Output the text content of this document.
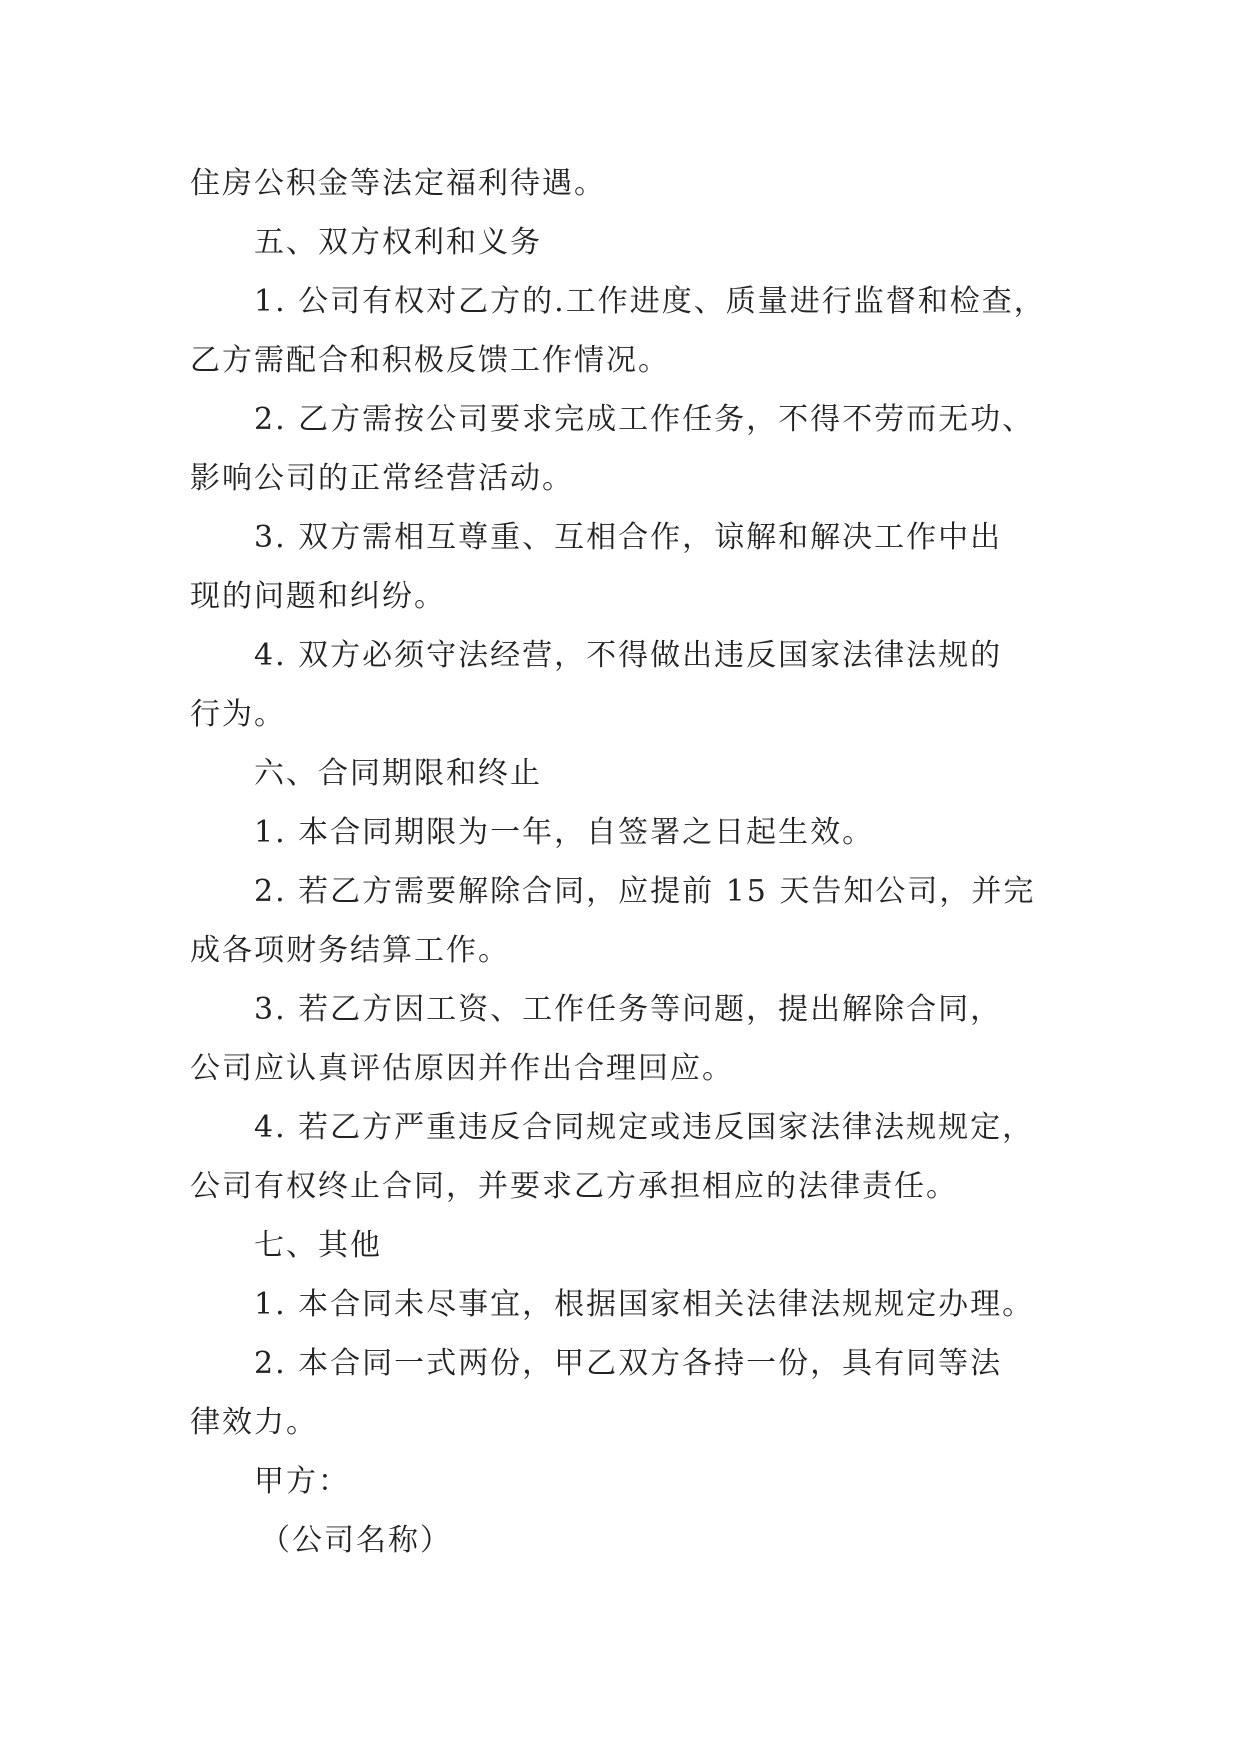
住房公积金等法定福利待遇。
五、双方权利和义务
1. 公司有权对乙方的.工作进度、质量进行监督和检查，
乙方需配合和积极反馈工作情况。
2. 乙方需按公司要求完成工作任务，不得不劳而无功、
影响公司的正常经营活动。
3. 双方需相互尊重、互相合作，谅解和解决工作中出
现的问题和纠纷。
4. 双方必须守法经营，不得做出违反国家法律法规的
行为。
六、合同期限和终止
1. 本合同期限为一年，自签署之日起生效。
2. 若乙方需要解除合同，应提前 15 天告知公司，并完
成各项财务结算工作。
3. 若乙方因工资、工作任务等问题，提出解除合同，
公司应认真评估原因并作出合理回应。
4. 若乙方严重违反合同规定或违反国家法律法规规定，
公司有权终止合同，并要求乙方承担相应的法律责任。
七、其他
1. 本合同未尽事宜，根据国家相关法律法规规定办理。
2. 本合同一式两份，甲乙双方各持一份，具有同等法
律效力。
甲方：
（公司名称）
